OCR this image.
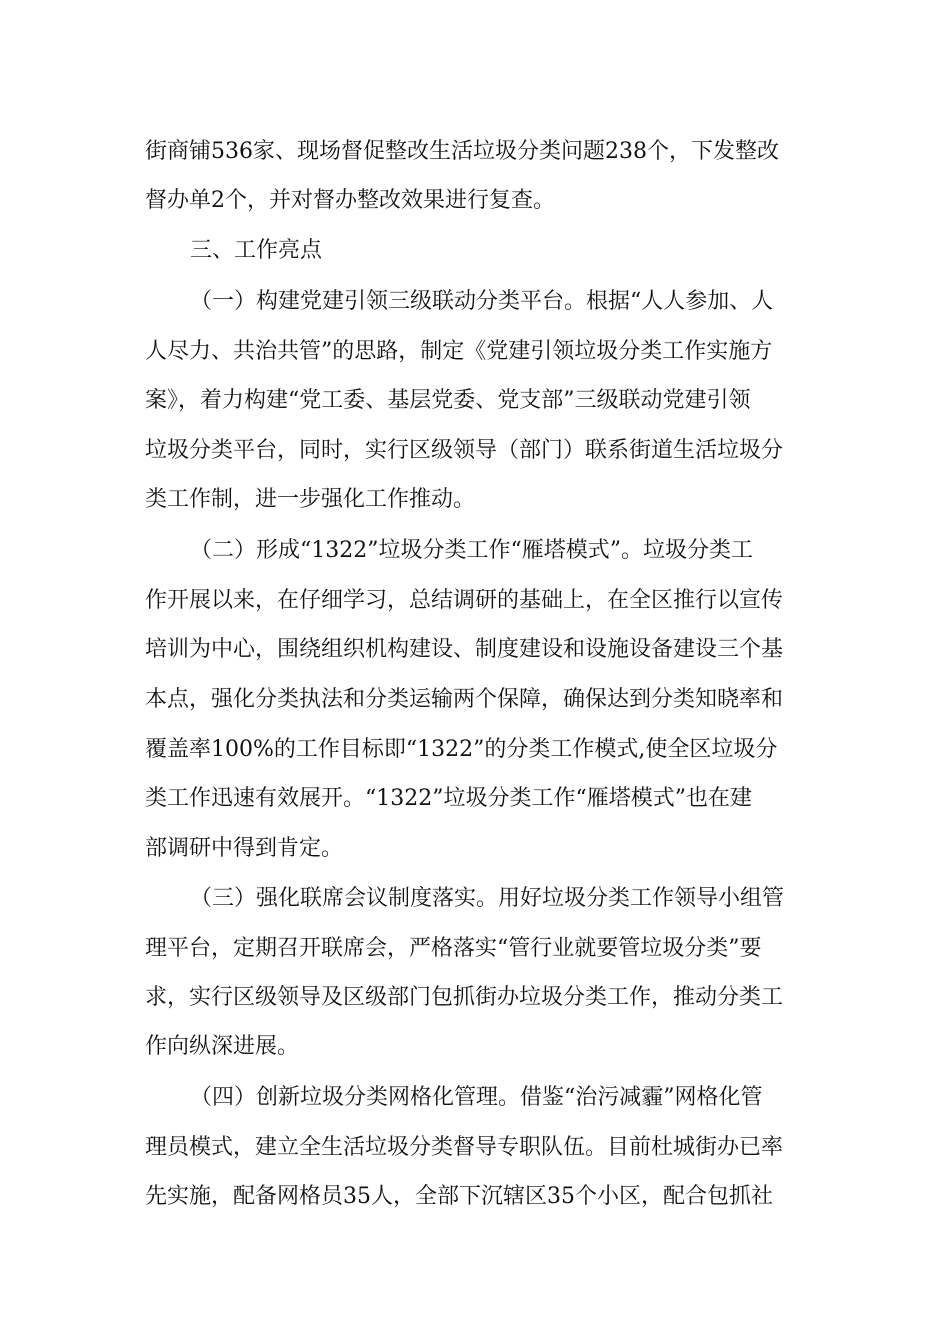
街商铺536家、现场督促整改生活垃圾分类问题238个，下发整改
督办单2个，并对督办整改效果进行复查。
三、工作亮点
（一）构建党建引领三级联动分类平台。根据“人人参加、人
人尽力、共治共管”的思路，制定《党建引领垃圾分类工作实施方
案》，着力构建“党工委、基层党委、党支部”三级联动党建引领
垃圾分类平台，同时，实行区级领导（部门）联系街道生活垃圾分
类工作制，进一步强化工作推动。
（二）形成“1322”垃圾分类工作“雁塔模式”。垃圾分类工
作开展以来，在仔细学习，总结调研的基础上，在全区推行以宣传
培训为中心，围绕组织机构建设、制度建设和设施设备建设三个基
本点，强化分类执法和分类运输两个保障，确保达到分类知晓率和
覆盖率100%的工作目标即“1322”的分类工作模式,使全区垃圾分
类工作迅速有效展开。“1322”垃圾分类工作“雁塔模式”也在建
部调研中得到肯定。
（三）强化联席会议制度落实。用好垃圾分类工作领导小组管
理平台，定期召开联席会，严格落实“管行业就要管垃圾分类”要
求，实行区级领导及区级部门包抓街办垃圾分类工作，推动分类工
作向纵深进展。
（四）创新垃圾分类网格化管理。借鉴“治污减霾”网格化管
理员模式，建立全生活垃圾分类督导专职队伍。目前杜城街办已率
先实施，配备网格员35人，全部下沉辖区35个小区，配合包抓社
